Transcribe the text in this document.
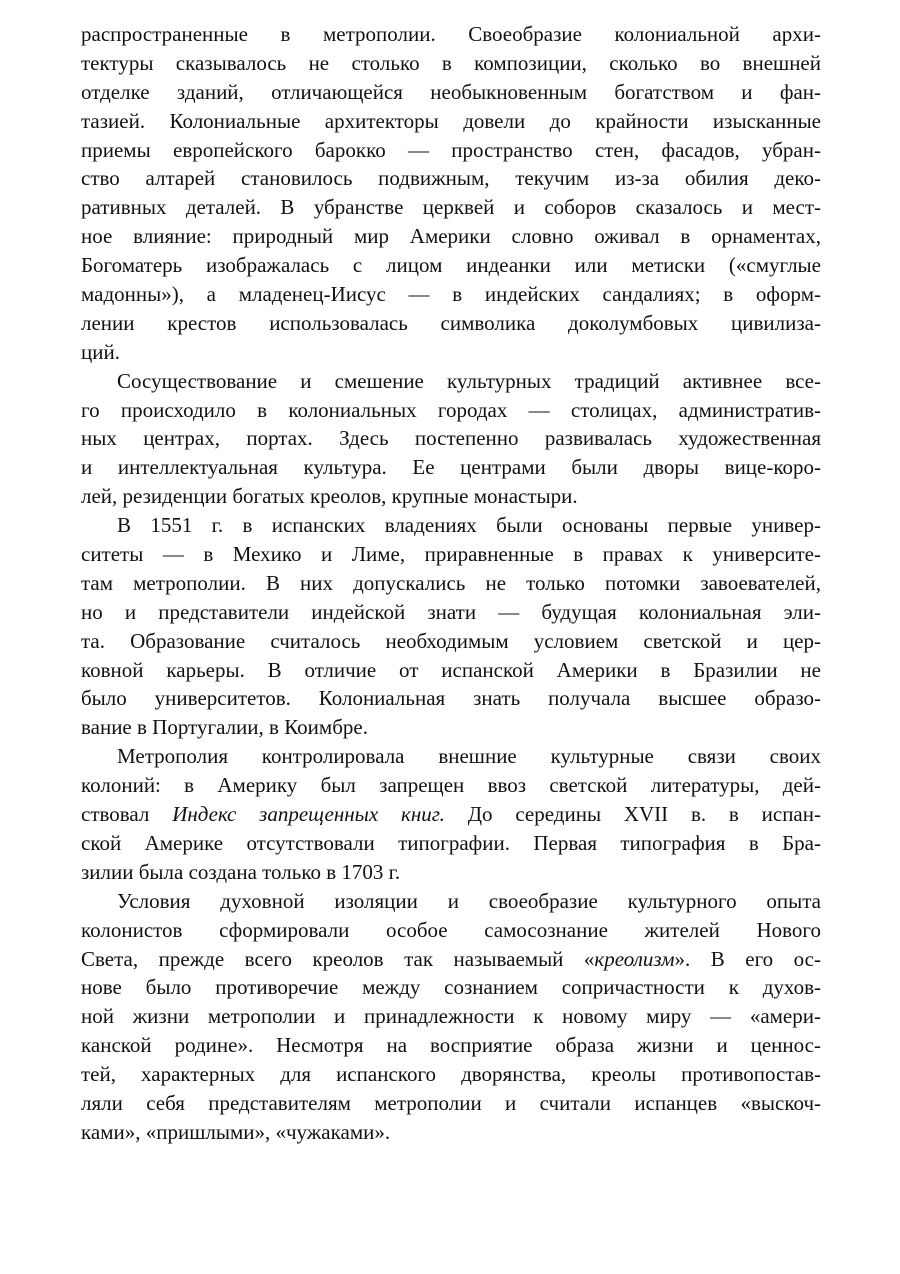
распространенные в метрополии. Своеобразие колониальной архи-
тектуры сказывалось не столько в композиции, сколько во внешней
отделке зданий, отличающейся необыкновенным богатством и фан-
тазией. Колониальные архитекторы довели до крайности изысканные
приемы европейского барокко — пространство стен, фасадов, убран-
ство алтарей становилось подвижным, текучим из-за обилия деко-
ративных деталей. В убранстве церквей и соборов сказалось и мест-
ное влияние: природный мир Америки словно оживал в орнаментах,
Богоматерь изображалась с лицом индеанки или метиски («смуглые
мадонны»), а младенец-Иисус — в индейских сандалиях; в оформ-
лении крестов использовалась символика доколумбовых цивилиза-
ций.
Сосуществование и смешение культурных традиций активнее все-
го происходило в колониальных городах — столицах, административ-
ных центрах, портах. Здесь постепенно развивалась художественная
и интеллектуальная культура. Ее центрами были дворы вице-коро-
лей, резиденции богатых креолов, крупные монастыри.
В 1551 г. в испанских владениях были основаны первые универ-
ситеты — в Мехико и Лиме, приравненные в правах к университе-
там метрополии. В них допускались не только потомки завоевателей,
но и представители индейской знати — будущая колониальная эли-
та. Образование считалось необходимым условием светской и цер-
ковной карьеры. В отличие от испанской Америки в Бразилии не
было университетов. Колониальная знать получала высшее образо-
вание в Португалии, в Коимбре.
Метрополия контролировала внешние культурные связи своих
колоний: в Америку был запрещен ввоз светской литературы, дей-
ствовал Индекс запрещенных книг. До середины XVII в. в испан-
ской Америке отсутствовали типографии. Первая типография в Бра-
зилии была создана только в 1703 г.
Условия духовной изоляции и своеобразие культурного опыта
колонистов сформировали особое самосознание жителей Нового
Света, прежде всего креолов так называемый «креолизм». В его ос-
нове было противоречие между сознанием сопричастности к духов-
ной жизни метрополии и принадлежности к новому миру — «амери-
канской родине». Несмотря на восприятие образа жизни и ценнос-
тей, характерных для испанского дворянства, креолы противопостав-
ляли себя представителям метрополии и считали испанцев «выскоч-
ками», «пришлыми», «чужаками».
